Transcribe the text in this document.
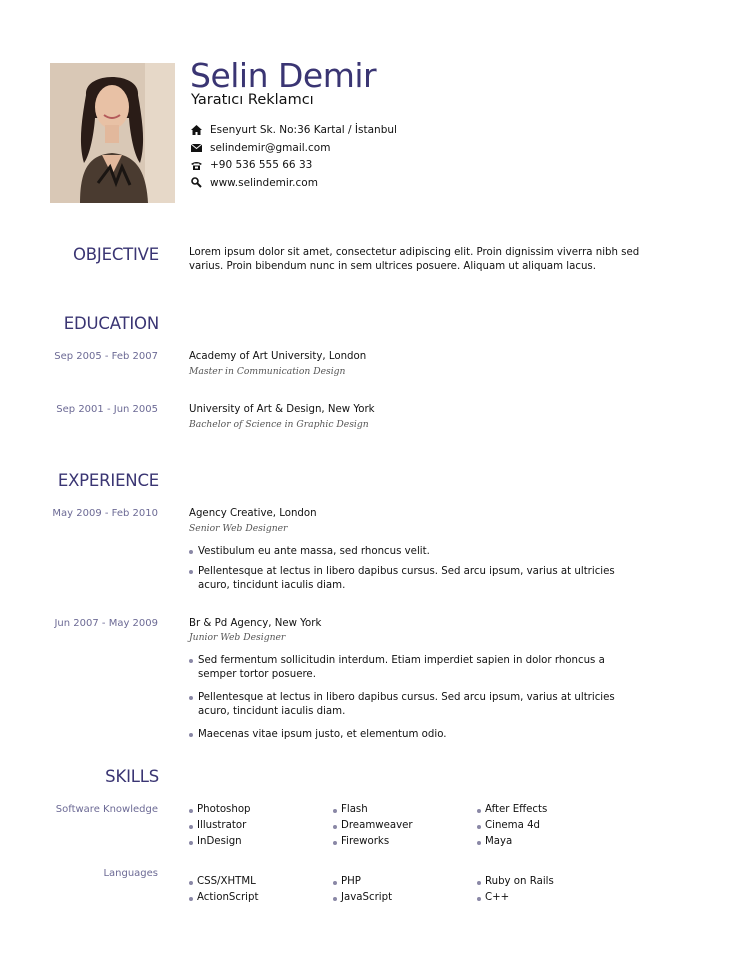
Selin Demir
Yaratıcı Reklamcı
Esenyurt Sk. No:36 Kartal / İstanbul
selindemir@gmail.com
+90 536 555 66 33
www.selindemir.com
OBJECTIVE	Lorem ipsum dolor sit amet, consectetur adipiscing elit. Proin dignissim viverra nibh sed
varius. Proin bibendum nunc in sem ultrices posuere. Aliquam ut aliquam lacus.
EDUCATION
Sep 2005 - Feb 2007	Academy of Art University, London
Master in Communication Design
Sep 2001 - Jun 2005	University of Art & Design, New York
Bachelor of Science in Graphic Design
EXPERIENCE
May 2009 - Feb 2010	Agency Creative, London
Senior Web Designer
Vestibulum eu ante massa, sed rhoncus velit.
Pellentesque at lectus in libero dapibus cursus. Sed arcu ipsum, varius at ultricies acuro, tincidunt iaculis diam.
Jun 2007 - May 2009	Br & Pd Agency, New York
Junior Web Designer
Sed fermentum sollicitudin interdum. Etiam imperdiet sapien in dolor rhoncus a semper tortor posuere.
Pellentesque at lectus in libero dapibus cursus. Sed arcu ipsum, varius at ultricies acuro, tincidunt iaculis diam.
Maecenas vitae ipsum justo, et elementum odio.
SKILLS
Software Knowledge	Photoshop	Flash	After Effects
Illustrator	Dreamweaver	Cinema 4d
InDesign	Fireworks	Maya
Languages
CSS/XHTML	PHP	Ruby on Rails
ActionScript	JavaScript	C++
